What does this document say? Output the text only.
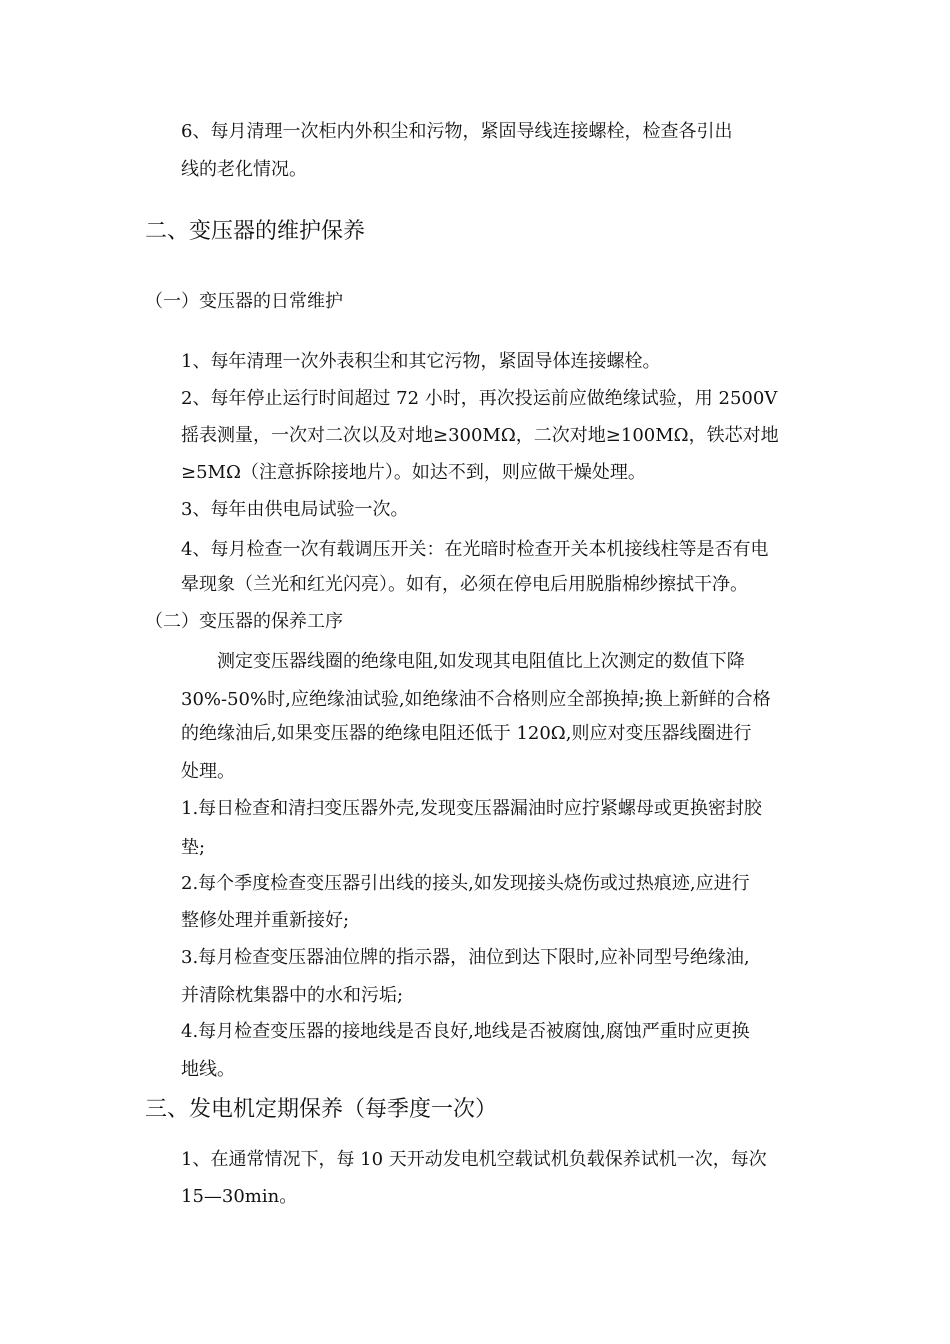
6、每月清理一次柜内外积尘和污物，紧固导线连接螺栓，检查各引出
线的老化情况。
二、变压器的维护保养
（一）变压器的日常维护
1、每年清理一次外表积尘和其它污物，紧固导体连接螺栓。
2、每年停止运行时间超过 72 小时，再次投运前应做绝缘试验，用 2500V
摇表测量，一次对二次以及对地≥300MΩ，二次对地≥100MΩ，铁芯对地
≥5MΩ（注意拆除接地片）。如达不到，则应做干燥处理。
3、每年由供电局试验一次。
4、每月检查一次有载调压开关：在光暗时检查开关本机接线柱等是否有电
晕现象（兰光和红光闪亮）。如有，必须在停电后用脱脂棉纱擦拭干净。
（二）变压器的保养工序
测定变压器线圈的绝缘电阻,如发现其电阻值比上次测定的数值下降
30%-50%时,应绝缘油试验,如绝缘油不合格则应全部换掉;换上新鲜的合格
的绝缘油后,如果变压器的绝缘电阻还低于 120Ω,则应对变压器线圈进行
处理。
1.每日检查和清扫变压器外壳,发现变压器漏油时应拧紧螺母或更换密封胶
垫;
2.每个季度检查变压器引出线的接头,如发现接头烧伤或过热痕迹,应进行
整修处理并重新接好;
3.每月检查变压器油位牌的指示器，油位到达下限时,应补同型号绝缘油,
并清除枕集器中的水和污垢;
4.每月检查变压器的接地线是否良好,地线是否被腐蚀,腐蚀严重时应更换
地线。
三、发电机定期保养（每季度一次）
1、在通常情况下，每 10 天开动发电机空载试机负载保养试机一次，每次
15—30min。
